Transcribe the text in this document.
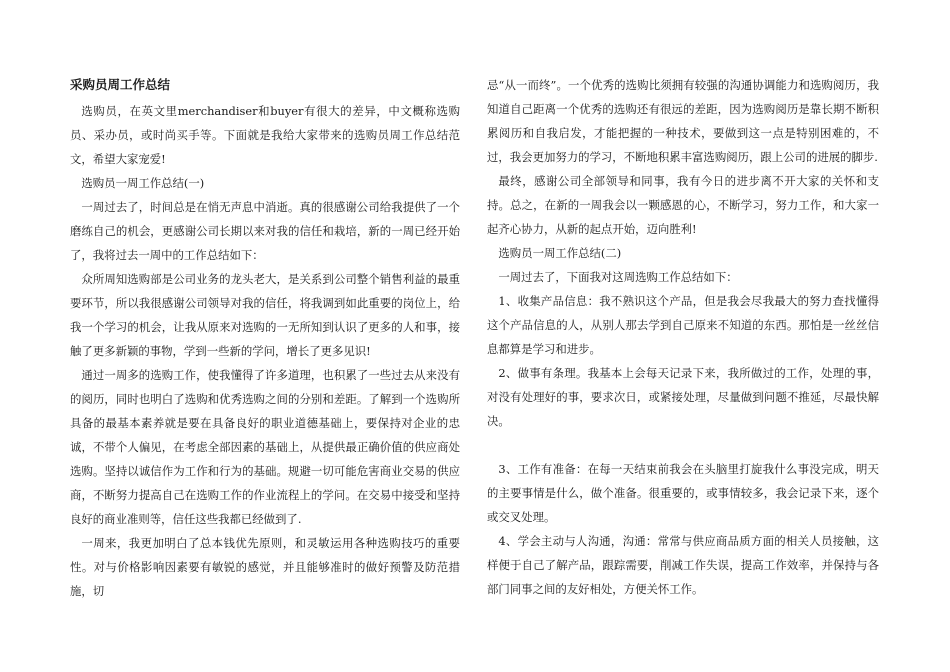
采购员周工作总结

选购员，在英文里merchandiser和buyer有很大的差异，中文概称选购员、采办员，或时尚买手等。下面就是我给大家带来的选购员周工作总结范文，希望大家宠爱!

选购员一周工作总结(一)

一周过去了，时间总是在悄无声息中消逝。真的很感谢公司给我提供了一个磨练自己的机会，更感谢公司长期以来对我的信任和栽培，新的一周已经开始了，我将过去一周中的工作总结如下：

众所周知选购部是公司业务的龙头老大，是关系到公司整个销售利益的最重要环节，所以我很感谢公司领导对我的信任，将我调到如此重要的岗位上，给我一个学习的机会，让我从原来对选购的一无所知到认识了更多的人和事，接触了更多新颖的事物，学到一些新的学问，增长了更多见识!

通过一周多的选购工作，使我懂得了许多道理，也积累了一些过去从来没有的阅历，同时也明白了选购和优秀选购之间的分别和差距。了解到一个选购所具备的最基本素养就是要在具备良好的职业道德基础上，要保持对企业的忠诚，不带个人偏见，在考虑全部因素的基础上，从提供最正确价值的供应商处选购。坚持以诚信作为工作和行为的基础。规避一切可能危害商业交易的供应商，不断努力提高自己在选购工作的作业流程上的学问。在交易中接受和坚持良好的商业准则等，信任这些我都已经做到了.

一周来，我更加明白了总本钱优先原则，和灵敏运用各种选购技巧的重要性。对与价格影响因素要有敏锐的感觉，并且能够准时的做好预警及防范措施，切

忌“从一而终”。一个优秀的选购比须拥有较强的沟通协调能力和选购阅历，我知道自己距离一个优秀的选购还有很远的差距，因为选购阅历是靠长期不断积累阅历和自我启发，才能把握的一种技术，要做到这一点是特别困难的，不过，我会更加努力的学习，不断地积累丰富选购阅历，跟上公司的进展的脚步.

最终，感谢公司全部领导和同事，我有今日的进步离不开大家的关怀和支持。总之，在新的一周我会以一颗感恩的心，不断学习，努力工作，和大家一起齐心协力，从新的起点开始，迈向胜利!

选购员一周工作总结(二)

一周过去了，下面我对这周选购工作总结如下：

1、收集产品信息：我不熟识这个产品，但是我会尽我最大的努力查找懂得这个产品信息的人，从别人那去学到自己原来不知道的东西。那怕是一丝丝信息都算是学习和进步。

2、做事有条理。我基本上会每天记录下来，我所做过的工作，处理的事，对没有处理好的事，要求次日，或紧接处理，尽量做到问题不推延，尽最快解决。

3、工作有准备：在每一天结束前我会在头脑里打旋我什么事没完成，明天的主要事情是什么，做个准备。很重要的，或事情较多，我会记录下来，逐个或交叉处理。

4、学会主动与人沟通，沟通：常常与供应商品质方面的相关人员接触，这样便于自己了解产品，跟踪需要，削减工作失误，提高工作效率，并保持与各部门同事之间的友好相处，方便关怀工作。
